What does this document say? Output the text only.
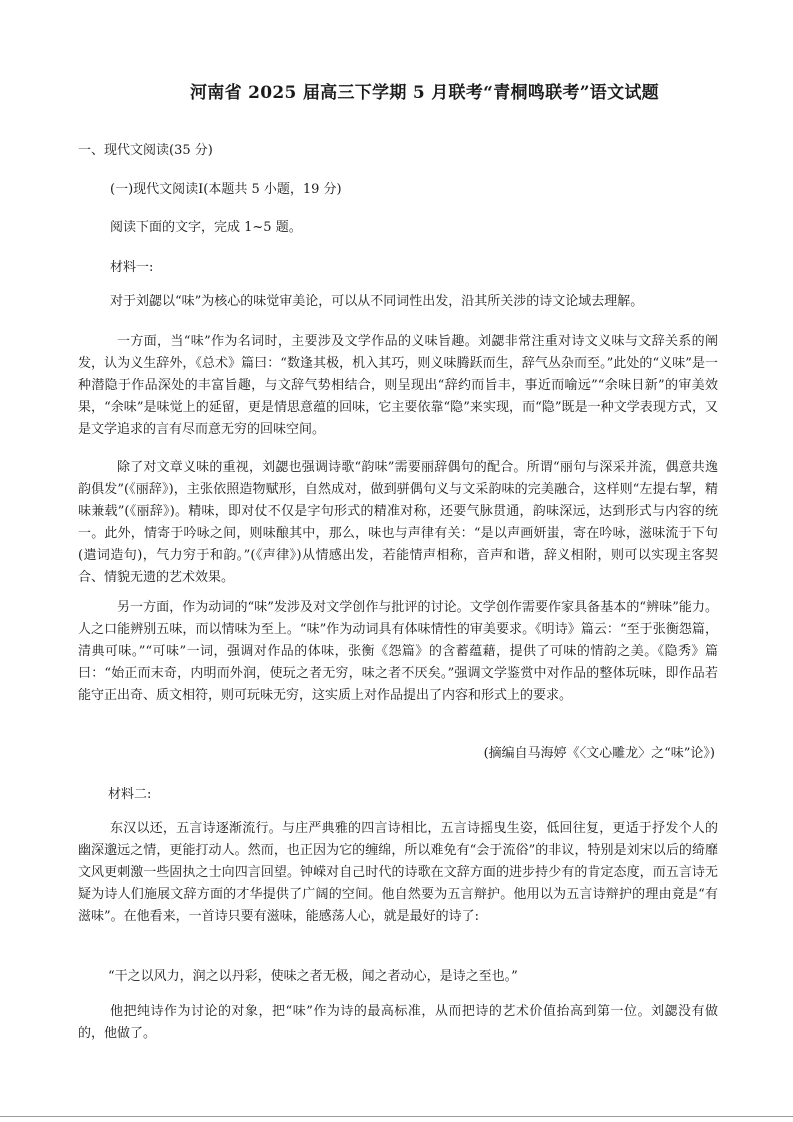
河南省 2025 届高三下学期 5 月联考“青桐鸣联考”语文试题
一、现代文阅读(35 分)
(一)现代文阅读Ⅰ(本题共 5 小题，19 分)
阅读下面的文字，完成 1~5 题。
材料一:
对于刘勰以“味”为核心的味觉审美论，可以从不同词性出发，沿其所关涉的诗文论域去理解。
一方面，当“味”作为名词时，主要涉及文学作品的义味旨趣。刘勰非常注重对诗文义味与文辞关系的阐发，认为义生辞外，《总术》篇曰：“数逢其极，机入其巧，则义味腾跃而生，辞气丛杂而至。”此处的“义味”是一种潜隐于作品深处的丰富旨趣，与文辞气势相结合，则呈现出“辞约而旨丰，事近而喻远”“余味日新”的审美效果，“余味”是味觉上的延留，更是情思意蕴的回味，它主要依靠“隐”来实现，而“隐”既是一种文学表现方式，又是文学追求的言有尽而意无穷的回味空间。
除了对文章义味的重视，刘勰也强调诗歌“韵味”需要丽辞偶句的配合。所谓“丽句与深采并流，偶意共逸韵俱发”(《丽辞》)，主张依照造物赋形，自然成对，做到骈偶句义与文采韵味的完美融合，这样则“左提右挈，精味兼载”(《丽辞》)。精味，即对仗不仅是字句形式的精准对称，还要气脉贯通，韵味深远，达到形式与内容的统一。此外，情寄于吟咏之间，则味酿其中，那么，味也与声律有关：“是以声画妍蚩，寄在吟咏，滋味流于下句(遣词造句)，气力穷于和韵。”(《声律》)从情感出发，若能情声相称，音声和谐，辞义相附，则可以实现主客契合、情貌无遗的艺术效果。
另一方面，作为动词的“味”发涉及对文学创作与批评的讨论。文学创作需要作家具备基本的“辨味”能力。人之口能辨别五味，而以情味为至上。“味”作为动词具有体味情性的审美要求。《明诗》篇云：“至于张衡怨篇，清典可味。”“可味”一词，强调对作品的体味，张衡《怨篇》的含蓄蕴藉，提供了可味的情韵之美。《隐秀》篇曰：“始正而末奇，内明而外润，使玩之者无穷，味之者不厌矣。”强调文学鉴赏中对作品的整体玩味，即作品若能守正出奇、质文相符，则可玩味无穷，这实质上对作品提出了内容和形式上的要求。
(摘编自马海婷《〈文心雕龙〉之“味”论》)
材料二:
东汉以还，五言诗逐渐流行。与庄严典雅的四言诗相比，五言诗摇曳生姿，低回往复，更适于抒发个人的幽深邈远之情，更能打动人。然而，也正因为它的缠绵，所以难免有“会于流俗”的非议，特别是刘宋以后的绮靡文风更刺激一些固执之士向四言回望。钟嵘对自己时代的诗歌在文辞方面的进步持少有的肯定态度，而五言诗无疑为诗人们施展文辞方面的才华提供了广阔的空间。他自然要为五言辩护。他用以为五言诗辩护的理由竟是“有滋味”。在他看来，一首诗只要有滋味，能感荡人心，就是最好的诗了:
“干之以风力，润之以丹彩，使味之者无极，闻之者动心，是诗之至也。”
他把纯诗作为讨论的对象，把“味”作为诗的最高标准，从而把诗的艺术价值抬高到第一位。刘勰没有做的，他做了。
